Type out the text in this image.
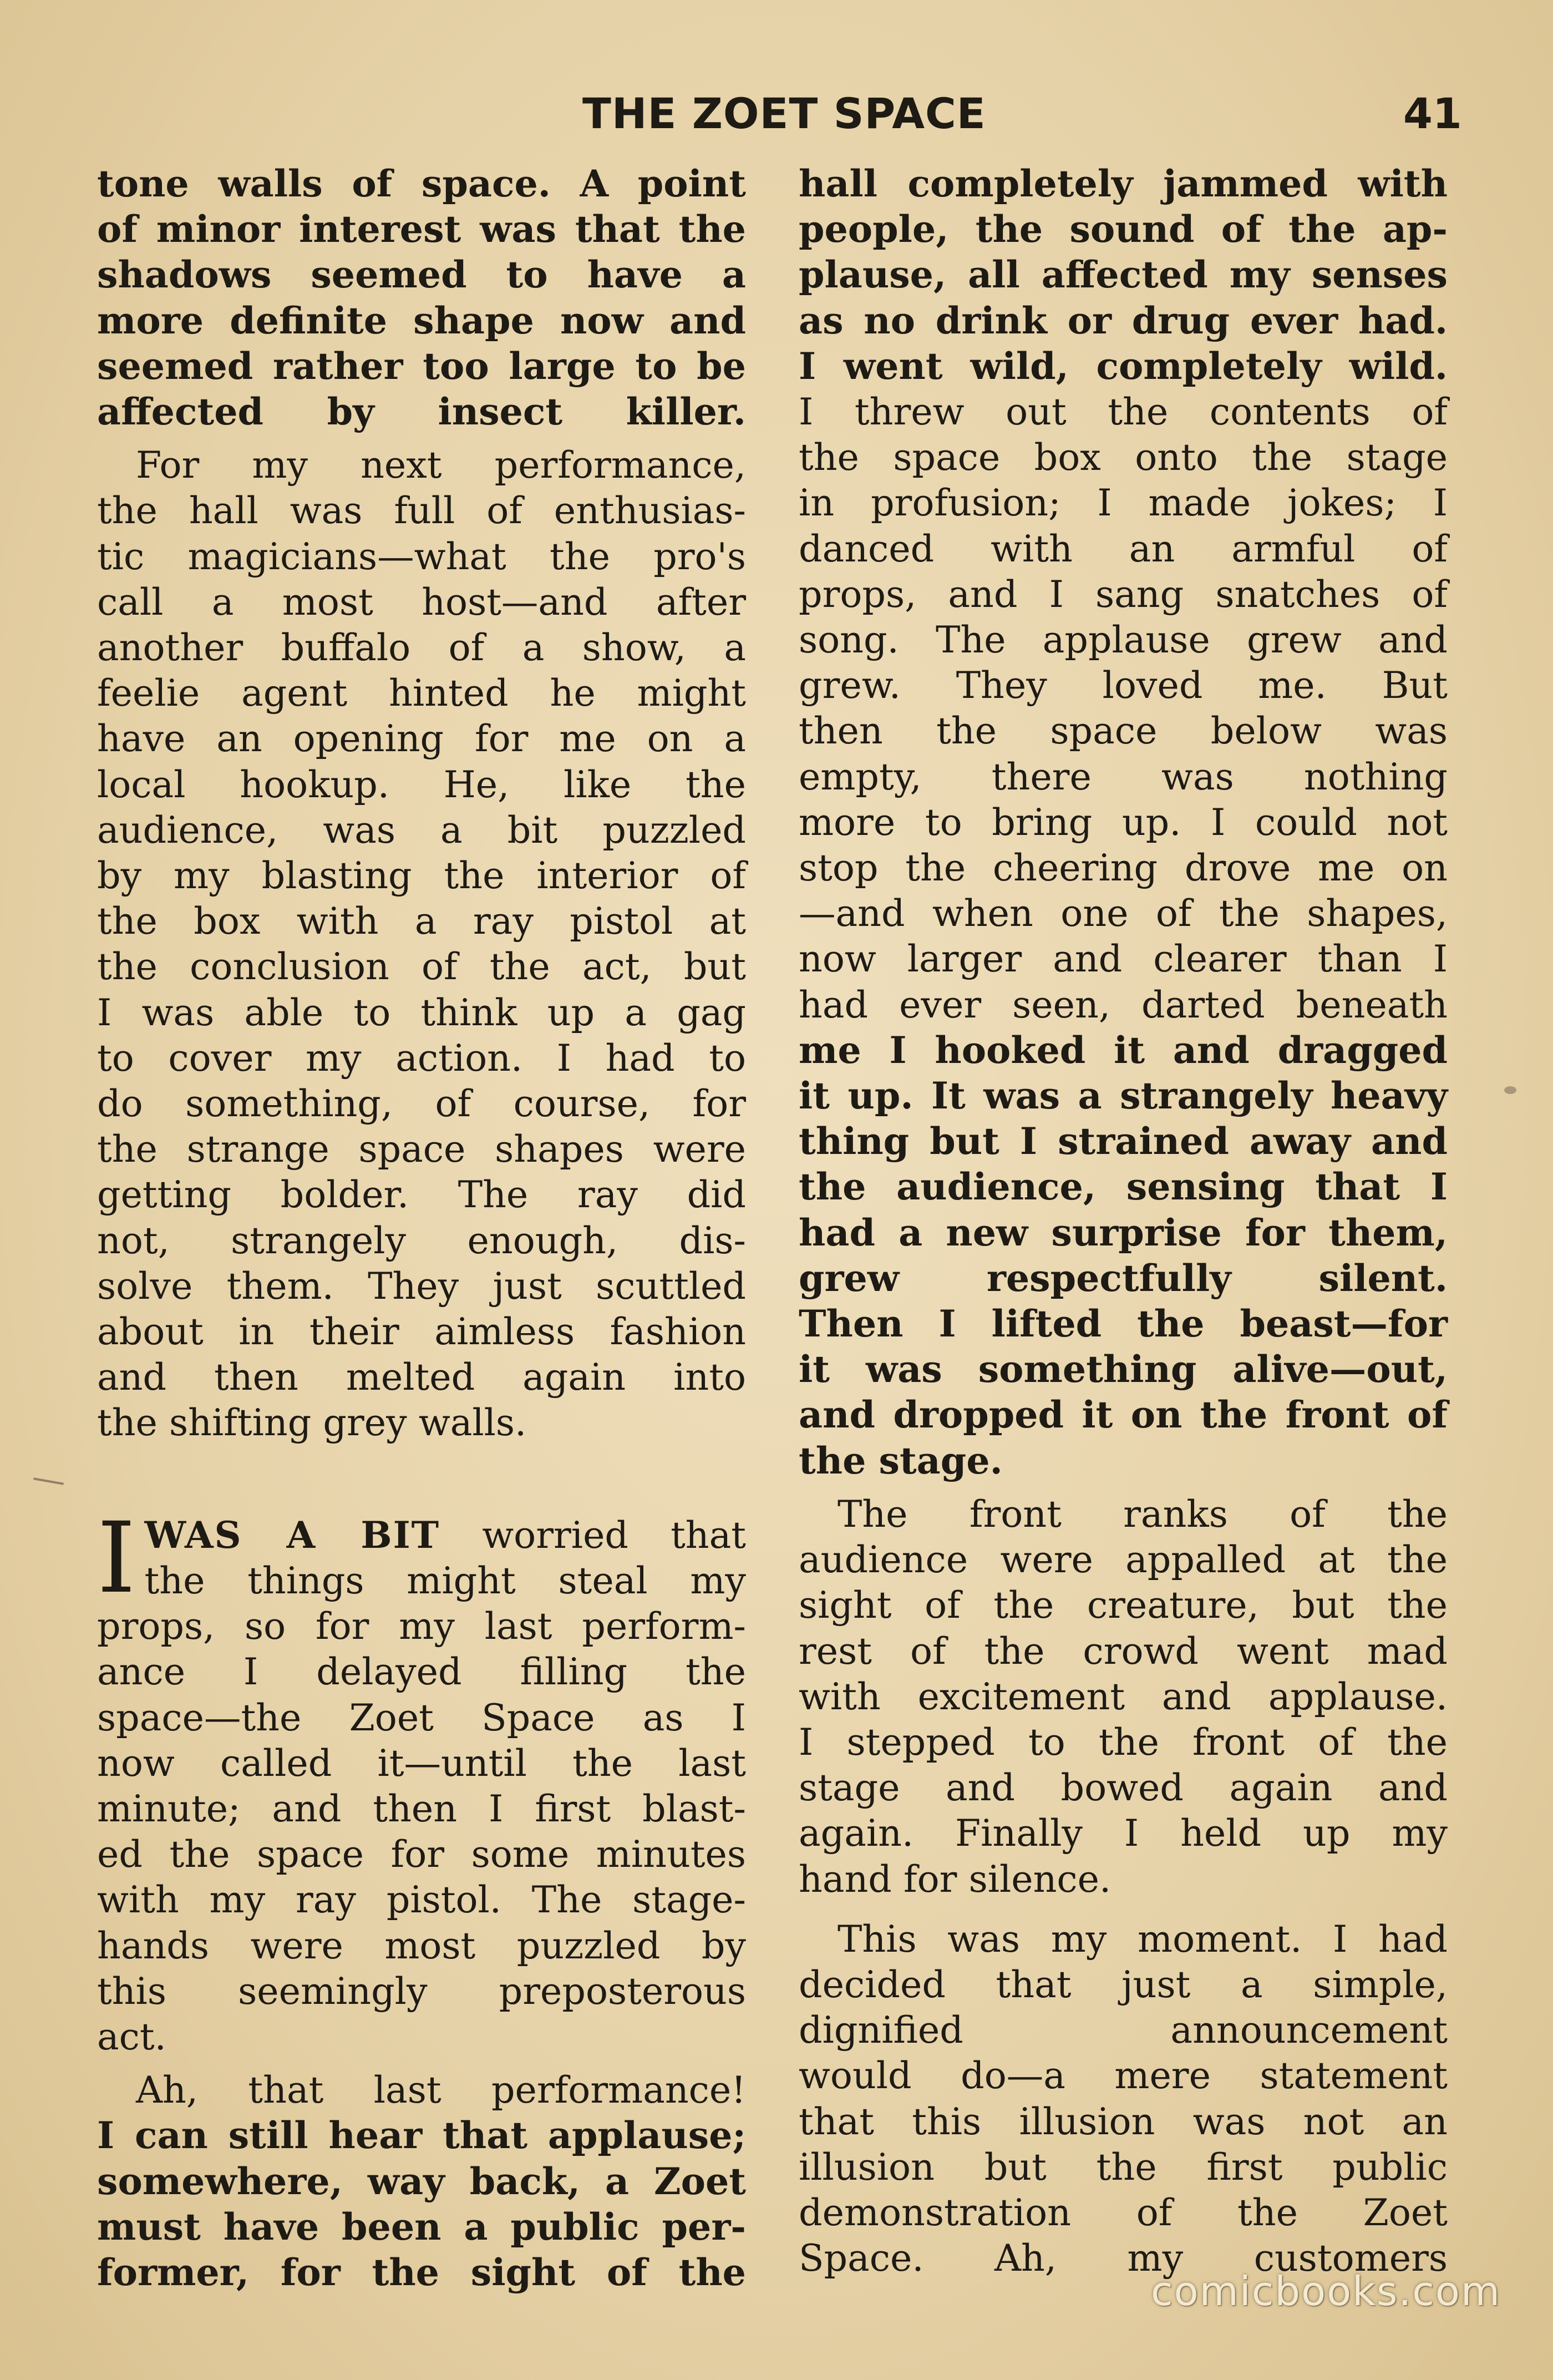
THE ZOET SPACE	41

tone walls of space. A point
of minor interest was that the
shadows seemed to have a
more definite shape now and
seemed rather too large to be
affected by insect killer.

For my next performance,
the hall was full of enthusias-
tic magicians—what the pro's
call a most host—and after
another buffalo of a show, a
feelie agent hinted he might
have an opening for me on a
local hookup. He, like the
audience, was a bit puzzled
by my blasting the interior of
the box with a ray pistol at
the conclusion of the act, but
I was able to think up a gag
to cover my action. I had to
do something, of course, for
the strange space shapes were
getting bolder. The ray did
not, strangely enough, dis-
solve them. They just scuttled
about in their aimless fashion
and then melted again into
the shifting grey walls.

I WAS A BIT worried that
the things might steal my
props, so for my last perform-
ance I delayed filling the
space—the Zoet Space as I
now called it—until the last
minute; and then I first blast-
ed the space for some minutes
with my ray pistol. The stage-
hands were most puzzled by
this seemingly preposterous
act.

Ah, that last performance!
I can still hear that applause;
somewhere, way back, a Zoet
must have been a public per-
former, for the sight of the

hall completely jammed with
people, the sound of the ap-
plause, all affected my senses
as no drink or drug ever had.
I went wild, completely wild.
I threw out the contents of
the space box onto the stage
in profusion; I made jokes; I
danced with an armful of
props, and I sang snatches of
song. The applause grew and
grew. They loved me. But
then the space below was
empty, there was nothing
more to bring up. I could not
stop the cheering drove me on
—and when one of the shapes,
now larger and clearer than I
had ever seen, darted beneath
me I hooked it and dragged
it up. It was a strangely heavy
thing but I strained away and
the audience, sensing that I
had a new surprise for them,
grew respectfully silent.
Then I lifted the beast—for
it was something alive—out,
and dropped it on the front of
the stage.

The front ranks of the
audience were appalled at the
sight of the creature, but the
rest of the crowd went mad
with excitement and applause.
I stepped to the front of the
stage and bowed again and
again. Finally I held up my
hand for silence.

This was my moment. I had
decided that just a simple,
dignified announcement
would do—a mere statement
that this illusion was not an
illusion but the first public
demonstration of the Zoet
Space. Ah, my customers

comicbooks.com
